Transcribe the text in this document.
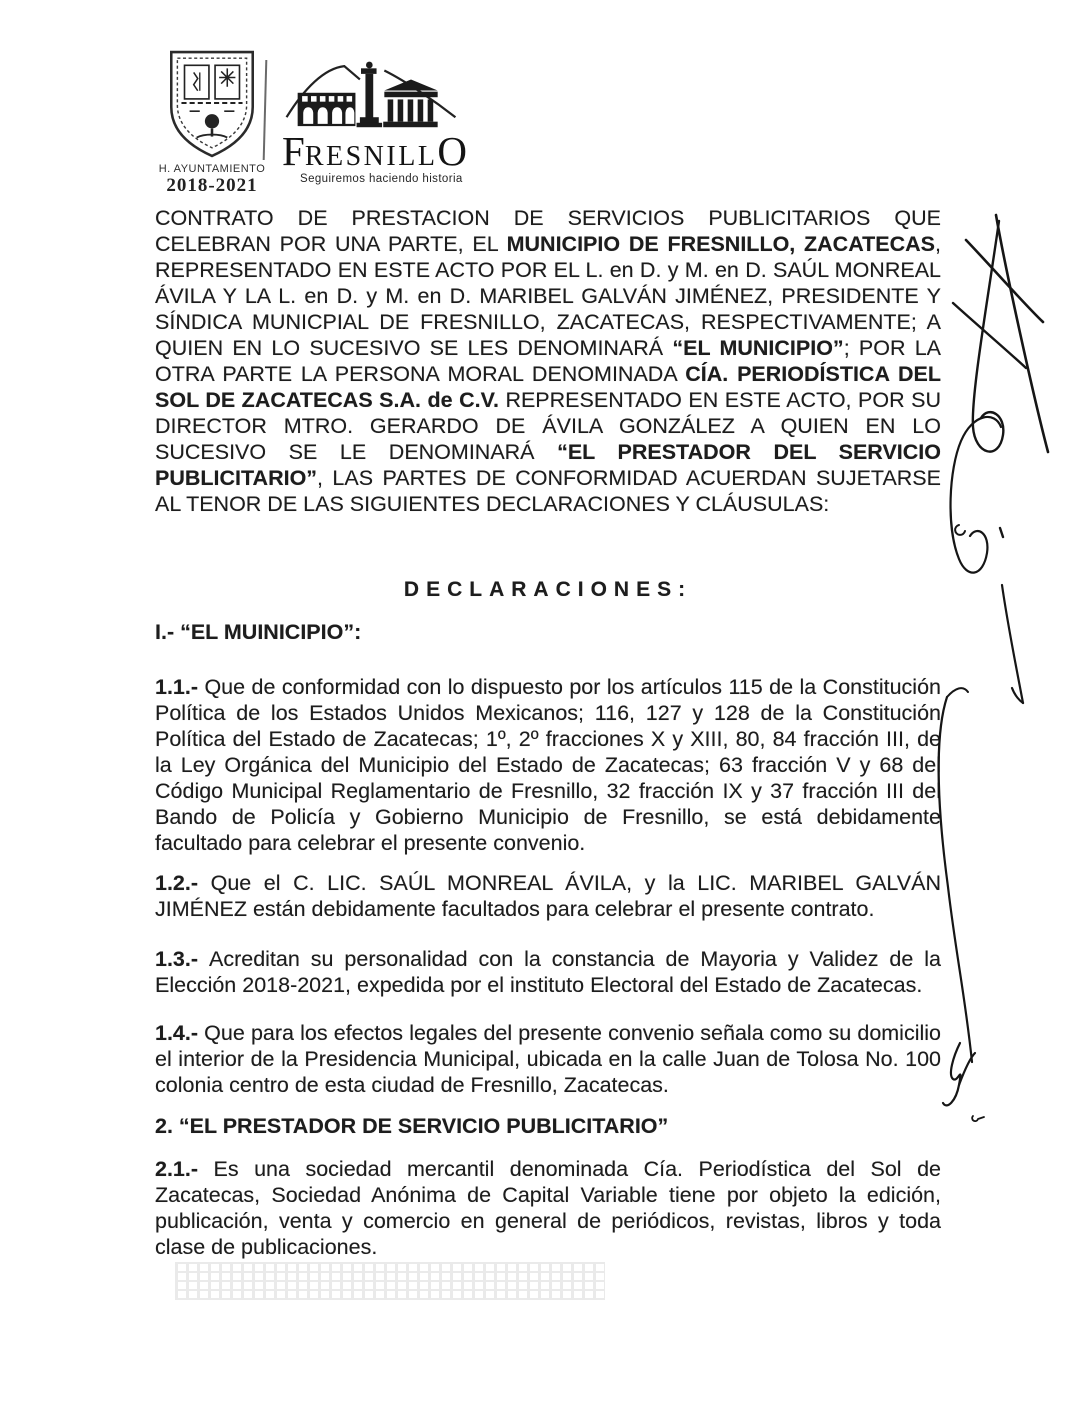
H. AYUNTAMIENTO
2018-2021
FRESNILLO
Seguiremos haciendo historia

CONTRATO DE PRESTACION DE SERVICIOS PUBLICITARIOS QUE CELEBRAN POR UNA PARTE, EL MUNICIPIO DE FRESNILLO, ZACATECAS, REPRESENTADO EN ESTE ACTO POR EL L. en D. y M. en D. SAÚL MONREAL ÁVILA Y LA L. en D. y M. en D. MARIBEL GALVÁN JIMÉNEZ, PRESIDENTE Y SÍNDICA MUNICPIAL DE FRESNILLO, ZACATECAS, RESPECTIVAMENTE; A QUIEN EN LO SUCESIVO SE LES DENOMINARÁ “EL MUNICIPIO”; POR LA OTRA PARTE LA PERSONA MORAL DENOMINADA CÍA. PERIODÍSTICA DEL SOL DE ZACATECAS S.A. de C.V. REPRESENTADO EN ESTE ACTO, POR SU DIRECTOR MTRO. GERARDO DE ÁVILA GONZÁLEZ A QUIEN EN LO SUCESIVO SE LE DENOMINARÁ “EL PRESTADOR DEL SERVICIO PUBLICITARIO”, LAS PARTES DE CONFORMIDAD ACUERDAN SUJETARSE AL TENOR DE LAS SIGUIENTES DECLARACIONES Y CLÁUSULAS:

DECLARACIONES:

I.- “EL MUINICIPIO”:

1.1.- Que de conformidad con lo dispuesto por los artículos 115 de la Constitución Política de los Estados Unidos Mexicanos; 116, 127 y 128 de la Constitución Política del Estado de Zacatecas; 1º, 2º fracciones X y XIII, 80, 84 fracción III, de la Ley Orgánica del Municipio del Estado de Zacatecas; 63 fracción V y 68 del Código Municipal Reglamentario de Fresnillo, 32 fracción IX y 37 fracción III del Bando de Policía y Gobierno Municipio de Fresnillo, se está debidamente facultado para celebrar el presente convenio.

1.2.- Que el C. LIC. SAÚL MONREAL ÁVILA, y la LIC. MARIBEL GALVÁN JIMÉNEZ están debidamente facultados para celebrar el presente contrato.

1.3.- Acreditan su personalidad con la constancia de Mayoria y Validez de la Elección 2018-2021, expedida por el instituto Electoral del Estado de Zacatecas.

1.4.- Que para los efectos legales del presente convenio señala como su domicilio el interior de la Presidencia Municipal, ubicada en la calle Juan de Tolosa No. 100 colonia centro de esta ciudad de Fresnillo, Zacatecas.

2. “EL PRESTADOR DE SERVICIO PUBLICITARIO”

2.1.- Es una sociedad mercantil denominada Cía. Periodística del Sol de Zacatecas, Sociedad Anónima de Capital Variable tiene por objeto la edición, publicación, venta y comercio en general de periódicos, revistas, libros y toda clase de publicaciones.
